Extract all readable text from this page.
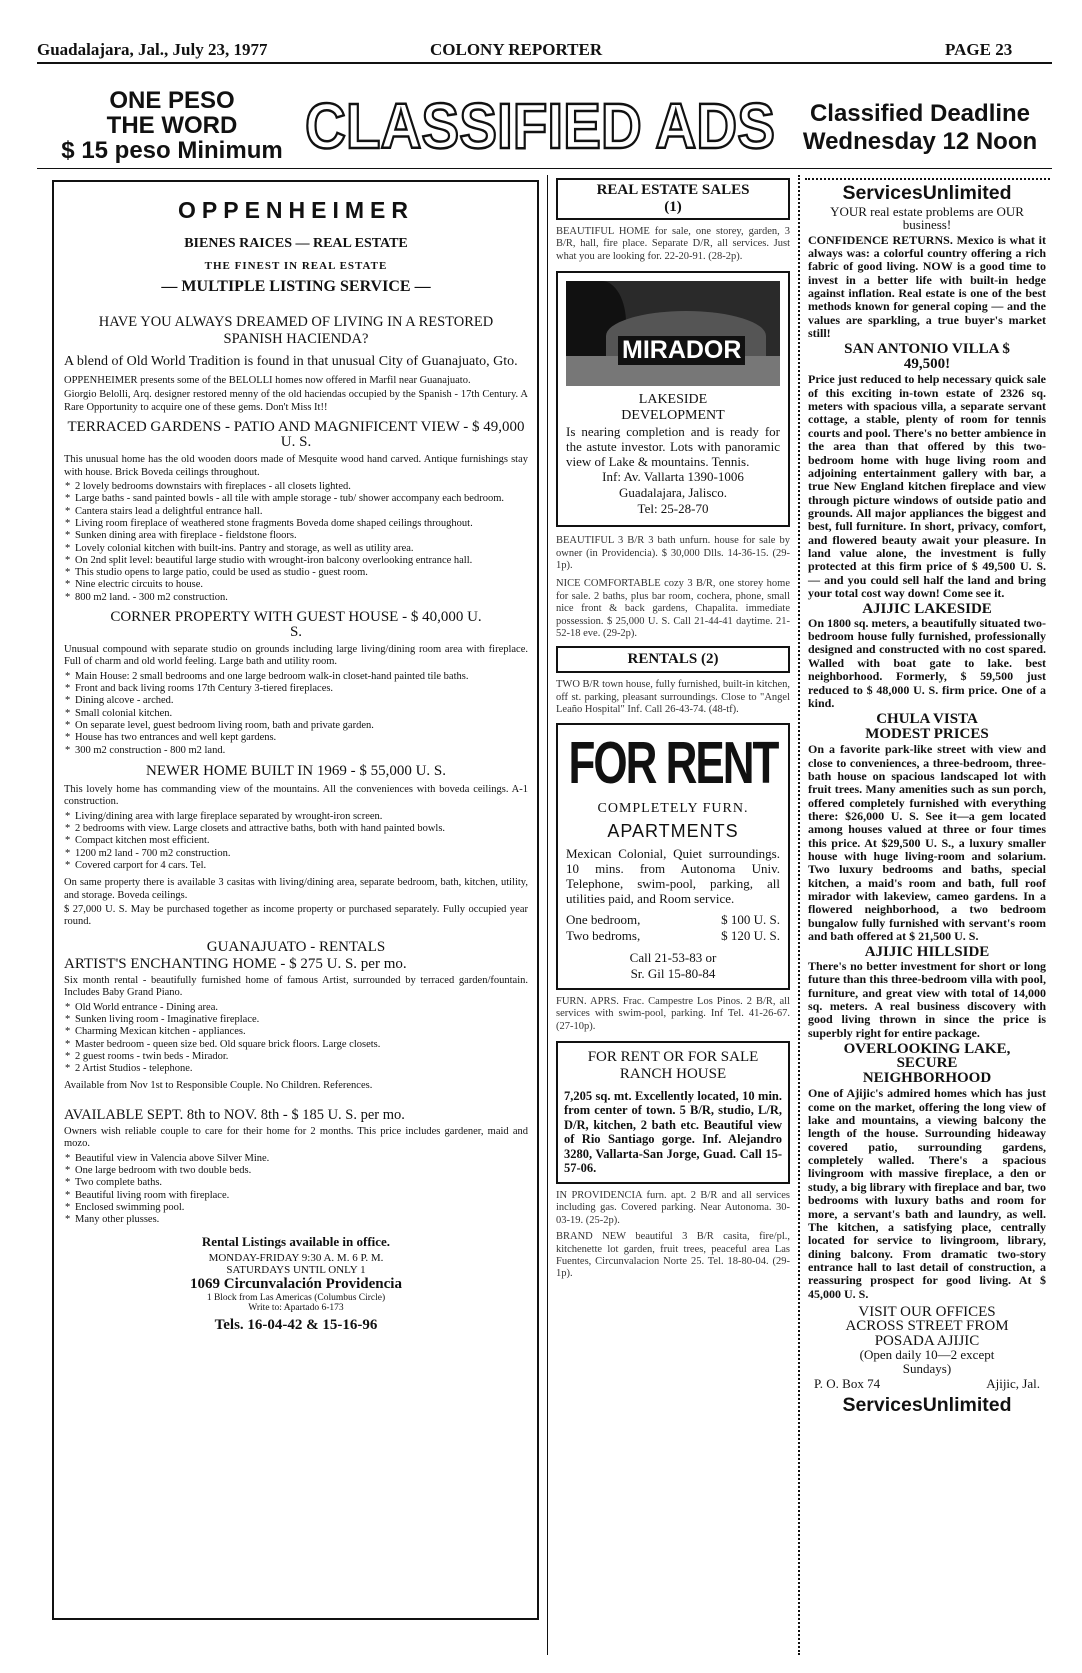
Guadalajara, Jal., July 23, 1977	COLONY REPORTER	PAGE 23
ONE PESO
THE WORD
$ 15 peso Minimum CLASSIFIED ADS	Classified Deadline
Wednesday 12 Noon
OPPENHEIMER
BIENES RAICES — REAL ESTATE
THE FINEST IN REAL ESTATE
— MULTIPLE LISTING SERVICE —
HAVE YOU ALWAYS DREAMED OF LIVING IN A RESTORED SPANISH HACIENDA?

A blend of Old World Tradition is found in that unusual City of Guanajuato, Gto.

OPPENHEIMER presents some of the BELOLLI homes now offered in Marfil near Guanajuato.

Giorgio Belolli, Arq. designer restored menny of the old haciendas occupied by the Spanish - 17th Century. A Rare Opportunity to acquire one of these gems. Don't Miss It!!

TERRACED GARDENS - PATIO AND MAGNIFICENT VIEW - $ 49,000 U. S.

This unusual home has the old wooden doors made of Mesquite wood hand carved. Antique furnishings stay with house. Brick Boveda ceilings throughout.

* 2 lovely bedrooms downstairs with fireplaces - all closets lighted.
* Large baths - sand painted bowls - all tile with ample storage - tub/ shower accompany each bedroom.
* Cantera stairs lead a delightful entrance hall.
* Living room fireplace of weathered stone fragments Boveda dome shaped ceilings throughout.
* Sunken dining area with fireplace - fieldstone floors.
* Lovely colonial kitchen with built-ins. Pantry and storage, as well as utility area.
* On 2nd split level: beautiful large studio with wrought-iron balcony overlooking entrance hall.
* This studio opens to large patio, could be used as studio - guest room.
* Nine electric circuits to house.
* 800 m2 land. - 300 m2 construction.
CORNER PROPERTY WITH GUEST HOUSE - $ 40,000 U. S.

Unusual compound with separate studio on grounds including large living/dining room area with fireplace. Full of charm and old world feeling. Large bath and utility room.

* Main House: 2 small bedrooms and one large bedroom walk-in closet-hand painted tile baths.
* Front and back living rooms 17th Century 3-tiered fireplaces.
* Dining alcove - arched.
* Small colonial kitchen.
* On separate level, guest bedroom living room, bath and private garden.
* House has two entrances and well kept gardens.
* 300 m2 construction - 800 m2 land.
NEWER HOME BUILT IN 1969 - $ 55,000 U. S.

This lovely home has commanding view of the mountains. All the conveniences with boveda ceilings. A-1 construction.

* Living/dining area with large fireplace separated by wrought-iron screen.
* 2 bedrooms with view. Large closets and attractive baths, both with hand painted bowls.
* Compact kitchen most efficient.
* 1200 m2 land - 700 m2 construction.
* Covered carport for 4 cars. Tel.

On same property there is available 3 casitas with living/dining area, separate bedroom, bath, kitchen, utility, and storage. Boveda ceilings.

$ 27,000 U. S. May be purchased together as income property or purchased separately. Fully occupied year round.

GUANAJUATO - RENTALS
ARTIST'S ENCHANTING HOME - $ 275 U. S. per mo.

Six month rental - beautifully furnished home of famous Artist, surrounded by terraced garden/fountain. Includes Baby Grand Piano.

* Old World entrance - Dining area.
* Sunken living room - Imaginative fireplace.
* Charming Mexican kitchen - appliances.
* Master bedroom - queen size bed. Old square brick floors. Large closets.
* 2 guest rooms - twin beds - Mirador.
* 2 Artist Studios - telephone.

Available from Nov 1st to Responsible Couple. No Children. References.

AVAILABLE SEPT. 8th to NOV. 8th - $ 185 U. S. per mo.

Owners wish reliable couple to care for their home for 2 months. This price includes gardener, maid and mozo.

* Beautiful view in Valencia above Silver Mine.
* One large bedroom with two double beds.
* Two complete baths.
* Beautiful living room with fireplace.
* Enclosed swimming pool.
* Many other plusses.
Rental Listings available in office.
MONDAY-FRIDAY 9:30 A. M. 6 P. M.
SATURDAYS UNTIL ONLY 1
1069 Circunvalación Providencia
1 Block from Las Americas (Columbus Circle)
Write to: Apartado 6-173
Tels. 16-04-42 & 15-16-96
REAL ESTATE SALES
(1)

BEAUTIFUL HOME for sale, one storey, garden, 3 B/R, hall, fire place. Separate D/R, all services. Just what you are looking for. 22-20-91. (28-2p).

MIRADOR
LAKESIDE
DEVELOPMENT

Is nearing completion and is ready for the astute investor. Lots with panoramic view of Lake & mountains. Tennis.

Inf: Av. Vallarta 1390-1006
Guadalajara, Jalisco.
Tel: 25-28-70

BEAUTIFUL 3 B/R 3 bath unfurn. house for sale by owner (in Providencia). $ 30,000 Dlls. 14-36-15. (29-1p).

NICE COMFORTABLE cozy 3 B/R, one storey home for sale. 2 baths, plus bar room, cochera, phone, small nice front & back gardens, Chapalita. immediate possession. $ 25,000 U. S. Call 21-44-41 daytime. 21-52-18 eve. (29-2p).

RENTALS (2)

TWO B/R town house, fully furnished, built-in kitchen, off st. parking, pleasant surroundings. Close to "Angel Leaño Hospital" Inf. Call 26-43-74. (48-tf).

FOR RENT
COMPLETELY FURN.
APARTMENTS

Mexican Colonial, Quiet surroundings. 10 mins. from Autonoma Univ. Telephone, swim-pool, parking, all utilities paid, and Room service.

One bedroom,	$ 100 U. S.
Two bedroms,	$ 120 U. S.
Call 21-53-83 or
Sr. Gil 15-80-84

FURN. APRS. Frac. Campestre Los Pinos. 2 B/R, all services with swim-pool, parking. Inf Tel. 41-26-67. (27-10p).

FOR RENT OR FOR SALE RANCH HOUSE

7,205 sq. mt. Excellently located, 10 min. from center of town. 5 B/R, studio, L/R, D/R, kitchen, 2 bath etc. Beautiful view of Rio Santiago gorge. Inf. Alejandro 3280, Vallarta-San Jorge, Guad. Call 15-57-06.

IN PROVIDENCIA furn. apt. 2 B/R and all services including gas. Covered parking. Near Autonoma. 30-03-19. (25-2p).

BRAND NEW beautiful 3 B/R casita, fire/pl., kitchenette lot garden, fruit trees, peaceful area Las Fuentes, Circunvalacion Norte 25. Tel. 18-80-04. (29-1p).

ServicesUnlimited

YOUR real estate problems are OUR business!

CONFIDENCE RETURNS. Mexico is what it always was: a colorful country offering a rich fabric of good living. NOW is a good time to invest in a better life with built-in hedge against inflation. Real estate is one of the best methods known for general coping — and the values are sparkling, a true buyer's market still!

SAN ANTONIO VILLA $ 49,500!

Price just reduced to help necessary quick sale of this exciting in-town estate of 2326 sq. meters with spacious villa, a separate servant cottage, a stable, plenty of room for tennis courts and pool. There's no better ambience in the area than that offered by this two-bedroom home with huge living room and adjoining entertainment gallery with bar, a true New England kitchen fireplace and view through picture windows of outside patio and grounds. All major appliances the biggest and best, full furniture. In short, privacy, comfort, and flowered beauty await your pleasure. In land value alone, the investment is fully protected at this firm price of $ 49,500 U. S. — and you could sell half the land and bring your total cost way down! Come see it.

AJIJIC LAKESIDE

On 1800 sq. meters, a beautifully situated two-bedroom house fully furnished, professionally designed and constructed with no cost spared. Walled with boat gate to lake. best neighborhood. Formerly, $ 59,500 just reduced to $ 48,000 U. S. firm price. One of a kind.

CHULA VISTA MODEST PRICES

On a favorite park-like street with view and close to conveniences, a three-bedroom, three-bath house on spacious landscaped lot with fruit trees. Many amenities such as sun porch, offered completely furnished with everything there: $26,000 U. S. See it—a gem located among houses valued at three or four times this price. At $29,500 U. S., a luxury smaller house with huge living-room and solarium. Two luxury bedrooms and baths, special kitchen, a maid's room and bath, full roof mirador with lakeview, cameo gardens. In a flowered neighborhood, a two bedroom bungalow fully furnished with servant's room and bath offered at $ 21,500 U. S.

AJIJIC HILLSIDE

There's no better investment for short or long future than this three-bedroom villa with pool, furniture, and great view with total of 14,000 sq. meters. A real business discovery with good living thrown in since the price is superbly right for entire package.

OVERLOOKING LAKE, SECURE NEIGHBORHOOD

One of Ajijic's admired homes which has just come on the market, offering the long view of lake and mountains, a viewing balcony the length of the house. Surrounding hideaway covered patio, surrounding gardens, completely walled. There's a spacious livingroom with massive fireplace, a den or study, a big library with fireplace and bar, two bedrooms with luxury baths and room for more, a servant's bath and laundry, as well. The kitchen, a satisfying place, centrally located for service to livingroom, library, dining balcony. From dramatic two-story entrance hall to last detail of construction, a reassuring prospect for good living. At $ 45,000 U. S.

VISIT OUR OFFICES ACROSS STREET FROM POSADA AJIJIC
(Open daily 10—2 except Sundays)
P. O. Box 74	Ajijic, Jal.
ServicesUnlimited
